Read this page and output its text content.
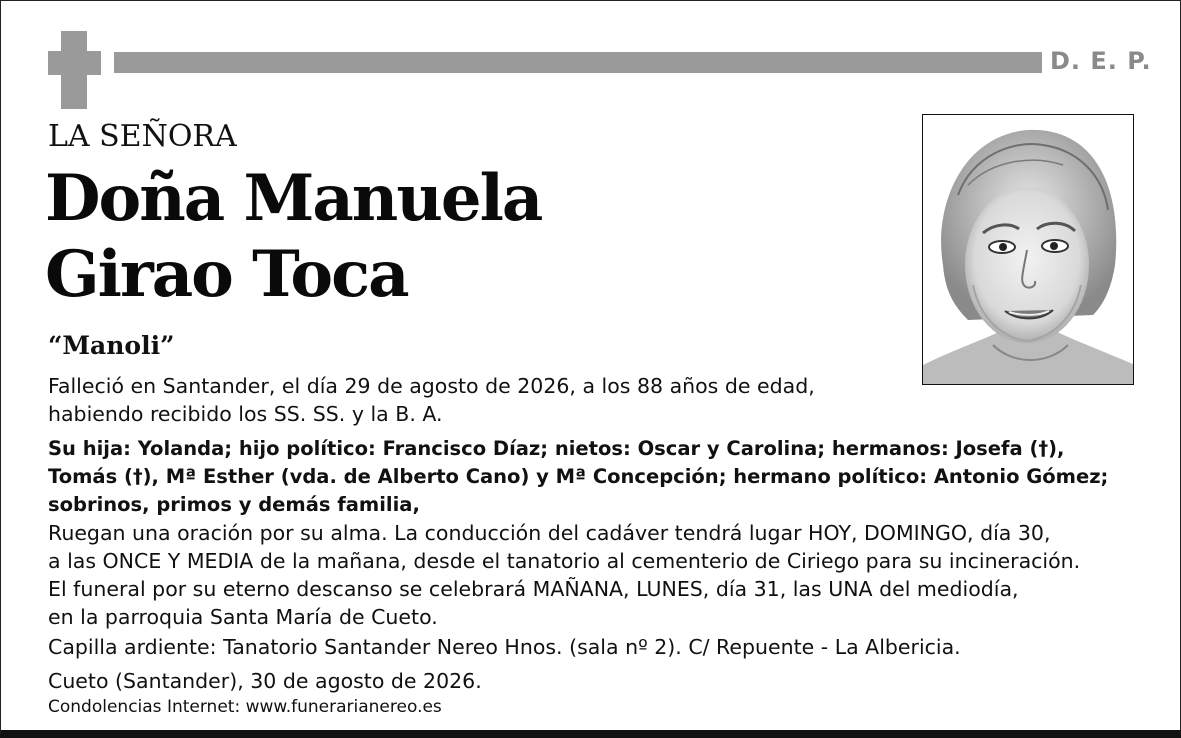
D. E. P.
LA SEÑORA
Doña Manuela
Girao Toca
“Manoli”
Falleció en Santander, el día 29 de agosto de 2026, a los 88 años de edad,
habiendo recibido los SS. SS. y la B. A.
Su hija: Yolanda; hijo político: Francisco Díaz; nietos: Oscar y Carolina; hermanos: Josefa (†),
Tomás (†), Mª Esther (vda. de Alberto Cano) y Mª Concepción; hermano político: Antonio Gómez;
sobrinos, primos y demás familia,
Ruegan una oración por su alma. La conducción del cadáver tendrá lugar HOY, DOMINGO, día 30,
a las ONCE Y MEDIA de la mañana, desde el tanatorio al cementerio de Ciriego para su incineración.
El funeral por su eterno descanso se celebrará MAÑANA, LUNES, día 31, las UNA del mediodía,
en la parroquia Santa María de Cueto.
Capilla ardiente: Tanatorio Santander Nereo Hnos. (sala nº 2). C/ Repuente - La Albericia.
Cueto (Santander), 30 de agosto de 2026.
Condolencias Internet: www.funerarianereo.es
